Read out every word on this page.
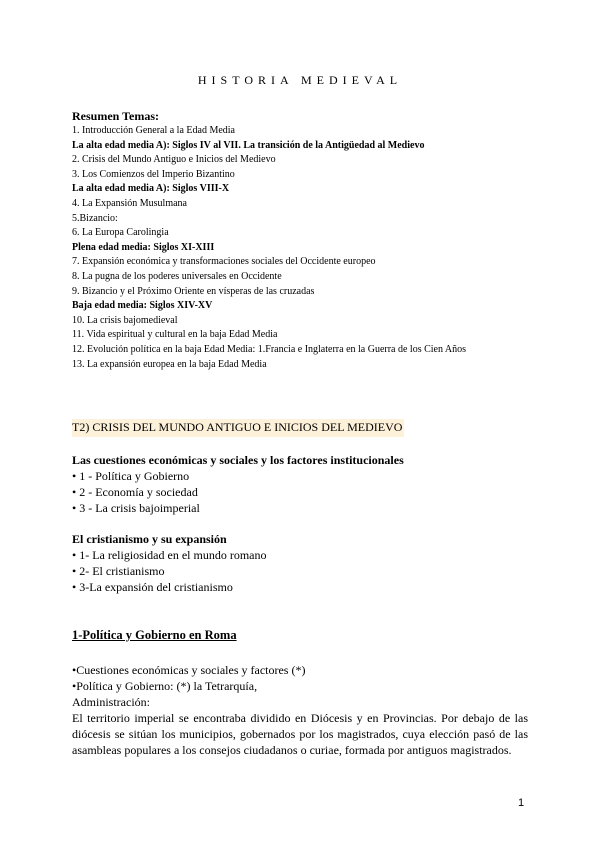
HISTORIA MEDIEVAL
Resumen Temas:
1. Introducción General a la Edad Media
La alta edad media A): Siglos IV al VII. La transición de la Antigüedad al Medievo
2. Crisis del Mundo Antiguo e Inicios del Medievo
3. Los Comienzos del Imperio Bizantino
La alta edad media A): Siglos VIII-X
4. La Expansión Musulmana
5.Bizancio:
6. La Europa Carolingia
Plena edad media: Siglos XI-XIII
7. Expansión económica y transformaciones sociales del Occidente europeo
8. La pugna de los poderes universales en Occidente
9. Bizancio y el Próximo Oriente en vísperas de las cruzadas
Baja edad media: Siglos XIV-XV
10. La crisis bajomedieval
11. Vida espiritual y cultural en la baja Edad Media
12. Evolución política en la baja Edad Media: 1.Francia e Inglaterra en la Guerra de los Cien Años
13. La expansión europea en la baja Edad Media
T2) CRISIS DEL MUNDO ANTIGUO E INICIOS DEL MEDIEVO
Las cuestiones económicas y sociales y los factores institucionales
• 1 - Política y Gobierno
• 2 - Economía y sociedad
• 3 - La crisis bajoimperial
El cristianismo y su expansión
• 1- La religiosidad en el mundo romano
• 2- El cristianismo
• 3-La expansión del cristianismo
1-Política y Gobierno en Roma

•Cuestiones económicas y sociales y factores (*)

•Política y Gobierno: (*) la Tetrarquía,

Administración:

El territorio imperial se encontraba dividido en Diócesis y en Provincias. Por debajo de las diócesis se sitúan los municipios, gobernados por los magistrados, cuya elección pasó de las asambleas populares a los consejos ciudadanos o curiae, formada por antiguos magistrados.

1
